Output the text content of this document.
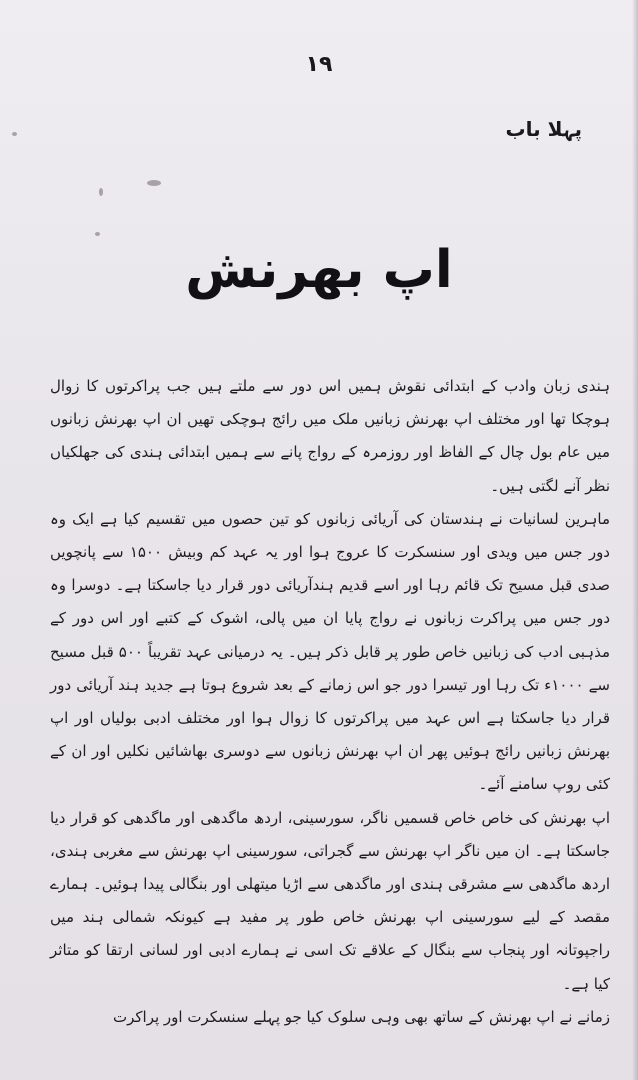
۱۹
پہلا باب
اپ بھرنش

ہندی زبان وادب کے ابتدائی نقوش ہمیں اس دور سے ملتے ہیں جب پراکرتوں کا زوال ہوچکا تھا اور مختلف اپ بھرنش زبانیں ملک میں رائج ہوچکی تھیں ان اپ بھرنش زبانوں میں عام بول چال کے الفاظ اور روزمرہ کے رواج پانے سے ہمیں ابتدائی ہندی کی جھلکیاں نظر آنے لگتی ہیں۔

ماہرین لسانیات نے ہندستان کی آریائی زبانوں کو تین حصوں میں تقسیم کیا ہے ایک وہ دور جس میں ویدی اور سنسکرت کا عروج ہوا اور یہ عہد کم وبیش ۱۵۰۰ سے پانچویں صدی قبل مسیح تک قائم رہا اور اسے قدیم ہندآریائی دور قرار دیا جاسکتا ہے۔ دوسرا وہ دور جس میں پراکرت زبانوں نے رواج پایا ان میں پالی، اشوک کے کتبے اور اس دور کے مذہبی ادب کی زبانیں خاص طور پر قابل ذکر ہیں۔ یہ درمیانی عہد تقریباً ۵۰۰ قبل مسیح سے ۱۰۰۰ء تک رہا اور تیسرا دور جو اس زمانے کے بعد شروع ہوتا ہے جدید ہند آریائی دور قرار دیا جاسکتا ہے اس عہد میں پراکرتوں کا زوال ہوا اور مختلف ادبی بولیاں اور اپ بھرنش زبانیں رائج ہوئیں پھر ان اپ بھرنش زبانوں سے دوسری بھاشائیں نکلیں اور ان کے کئی روپ سامنے آئے۔

اپ بھرنش کی خاص خاص قسمیں ناگر، سورسینی، اردھ ماگدھی اور ماگدھی کو قرار دیا جاسکتا ہے۔ ان میں ناگر اپ بھرنش سے گجراتی، سورسینی اپ بھرنش سے مغربی ہندی، اردھ ماگدھی سے مشرقی ہندی اور ماگدھی سے اڑیا میتھلی اور بنگالی پیدا ہوئیں۔ ہمارے مقصد کے لیے سورسینی اپ بھرنش خاص طور پر مفید ہے کیونکہ شمالی ہند میں راجپوتانہ اور پنجاب سے بنگال کے علاقے تک اسی نے ہمارے ادبی اور لسانی ارتقا کو متاثر کیا ہے۔

زمانے نے اپ بھرنش کے ساتھ بھی وہی سلوک کیا جو پہلے سنسکرت اور پراکرت
